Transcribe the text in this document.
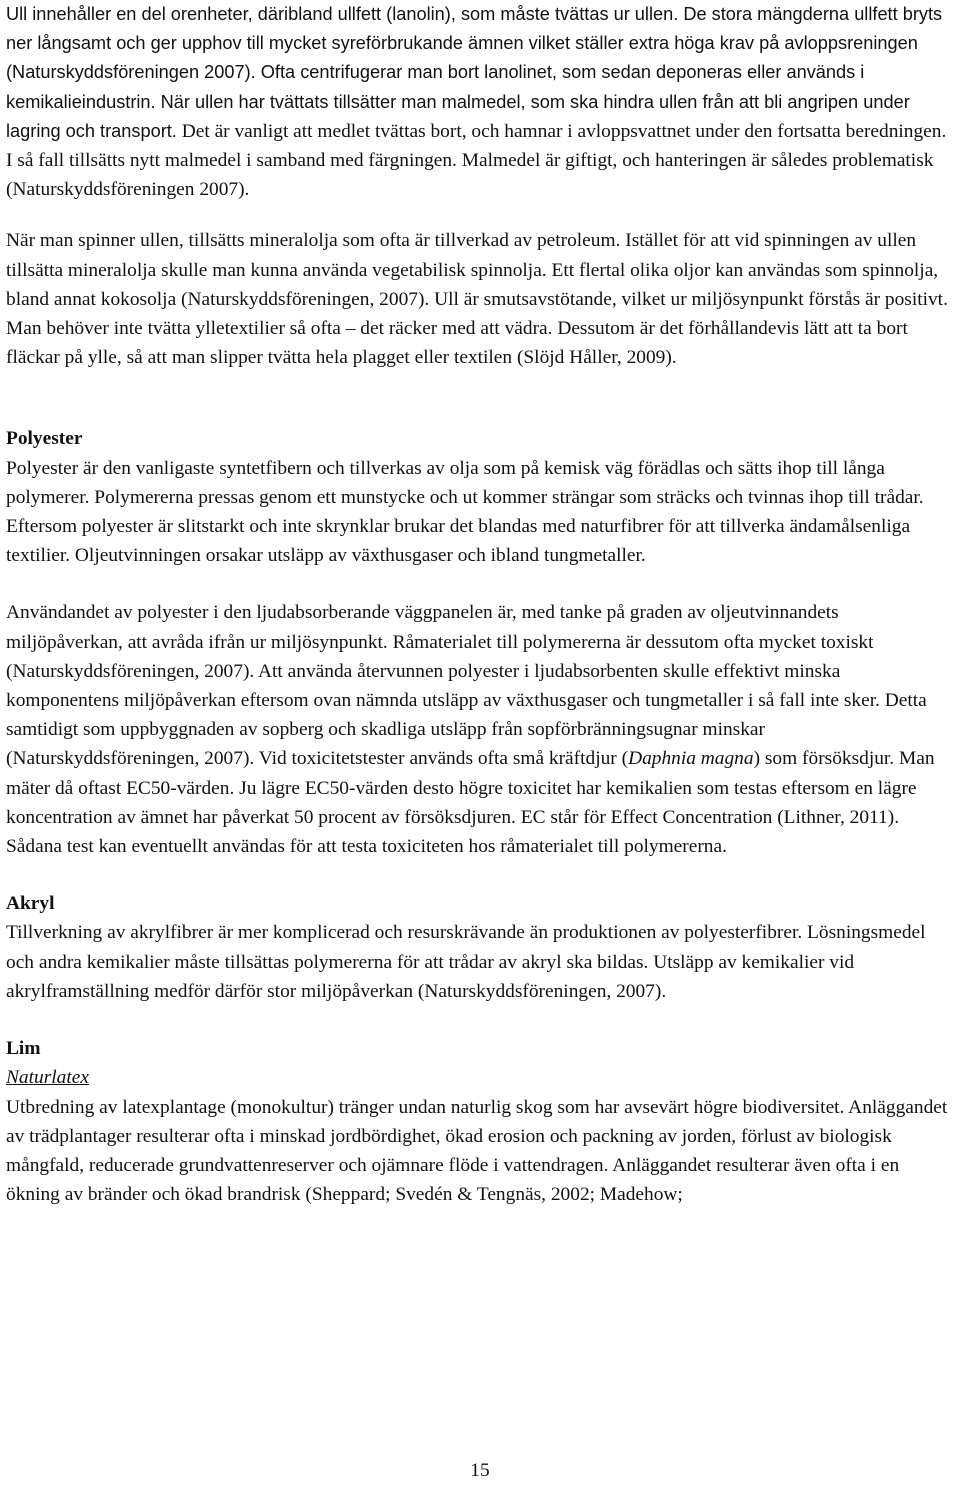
Ull innehåller en del orenheter, däribland ullfett (lanolin), som måste tvättas ur ullen. De stora mängderna ullfett bryts ner långsamt och ger upphov till mycket syreförbrukande ämnen vilket ställer extra höga krav på avloppsreningen (Naturskyddsföreningen 2007). Ofta centrifugerar man bort lanolinet, som sedan deponeras eller används i kemikalieindustrin. När ullen har tvättats tillsätter man malmedel, som ska hindra ullen från att bli angripen under lagring och transport. Det är vanligt att medlet tvättas bort, och hamnar i avloppsvattnet under den fortsatta beredningen. I så fall tillsätts nytt malmedel i samband med färgningen. Malmedel är giftigt, och hanteringen är således problematisk (Naturskyddsföreningen 2007).

När man spinner ullen, tillsätts mineralolja som ofta är tillverkad av petroleum. Istället för att vid spinningen av ullen tillsätta mineralolja skulle man kunna använda vegetabilisk spinnolja. Ett flertal olika oljor kan användas som spinnolja, bland annat kokosolja (Naturskyddsföreningen, 2007). Ull är smutsavstötande, vilket ur miljösynpunkt förstås är positivt. Man behöver inte tvätta ylletextilier så ofta – det räcker med att vädra. Dessutom är det förhållandevis lätt att ta bort fläckar på ylle, så att man slipper tvätta hela plagget eller textilen (Slöjd Håller, 2009).

Polyester

Polyester är den vanligaste syntetfibern och tillverkas av olja som på kemisk väg förädlas och sätts ihop till långa polymerer. Polymererna pressas genom ett munstycke och ut kommer strängar som sträcks och tvinnas ihop till trådar. Eftersom polyester är slitstarkt och inte skrynklar brukar det blandas med naturfibrer för att tillverka ändamålsenliga textilier. Oljeutvinningen orsakar utsläpp av växthusgaser och ibland tungmetaller.

Användandet av polyester i den ljudabsorberande väggpanelen är, med tanke på graden av oljeutvinnandets miljöpåverkan, att avråda ifrån ur miljösynpunkt. Råmaterialet till polymererna är dessutom ofta mycket toxiskt (Naturskyddsföreningen, 2007). Att använda återvunnen polyester i ljudabsorbenten skulle effektivt minska komponentens miljöpåverkan eftersom ovan nämnda utsläpp av växthusgaser och tungmetaller i så fall inte sker. Detta samtidigt som uppbyggnaden av sopberg och skadliga utsläpp från sopförbränningsugnar minskar (Naturskyddsföreningen, 2007). Vid toxicitetstester används ofta små kräftdjur (Daphnia magna) som försöksdjur. Man mäter då oftast EC50-värden. Ju lägre EC50-värden desto högre toxicitet har kemikalien som testas eftersom en lägre koncentration av ämnet har påverkat 50 procent av försöksdjuren. EC står för Effect Concentration (Lithner, 2011). Sådana test kan eventuellt användas för att testa toxiciteten hos råmaterialet till polymererna.

Akryl

Tillverkning av akrylfibrer är mer komplicerad och resurskrävande än produktionen av polyesterfibrer. Lösningsmedel och andra kemikalier måste tillsättas polymererna för att trådar av akryl ska bildas. Utsläpp av kemikalier vid akrylframställning medför därför stor miljöpåverkan (Naturskyddsföreningen, 2007).

Lim

Naturlatex

Utbredning av latexplantage (monokultur) tränger undan naturlig skog som har avsevärt högre biodiversitet. Anläggandet av trädplantager resulterar ofta i minskad jordbördighet, ökad erosion och packning av jorden, förlust av biologisk mångfald, reducerade grundvattenreserver och ojämnare flöde i vattendragen. Anläggandet resulterar även ofta i en ökning av bränder och ökad brandrisk (Sheppard; Svedén & Tengnäs, 2002; Madehow;

15
